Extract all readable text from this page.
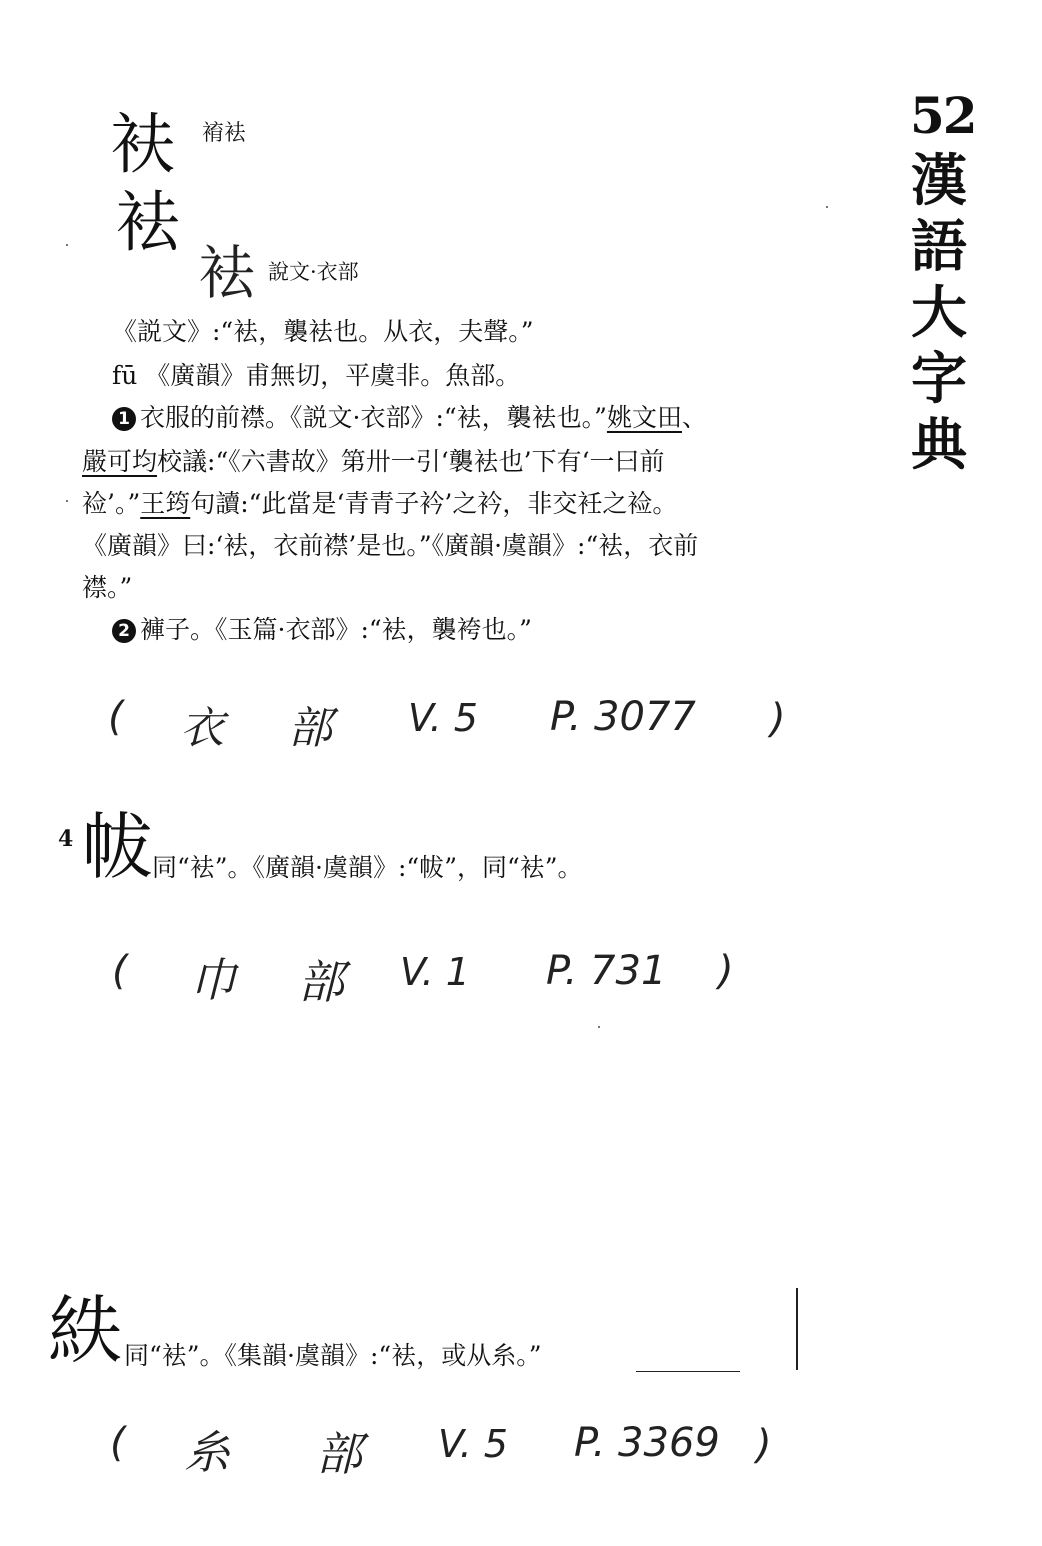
52
漢
語
大
字
典
衭 䘻袪
袪
袪 說文·衣部
《説文》:“袪，襲袪也。从衣，夫聲。”
fū 《廣韻》甫無切，平虞非。魚部。
1 衣服的前襟。《説文·衣部》:“袪，襲袪也。”姚文田、
嚴可均校議:“《六書故》第卅一引‘襲袪也’下有‘一曰前
裣’。”王筠句讀:“此當是‘青青子衿’之衿，非交衽之裣。
《廣韻》曰:‘袪，衣前襟’是也。”《廣韻·虞韻》:“袪，衣前
襟。”
2 褲子。《玉篇·衣部》:“袪，襲袴也。”
( 衣 部 V. 5 P. 3077 )
4 帗
同“袪”。《廣韻·虞韻》:“帗”，同“袪”。
( 巾 部 V. 1 P. 731 )
紩 同“袪”。《集韻·虞韻》:“袪，或从糸。”
( 糸 部 V. 5 P. 3369 )
